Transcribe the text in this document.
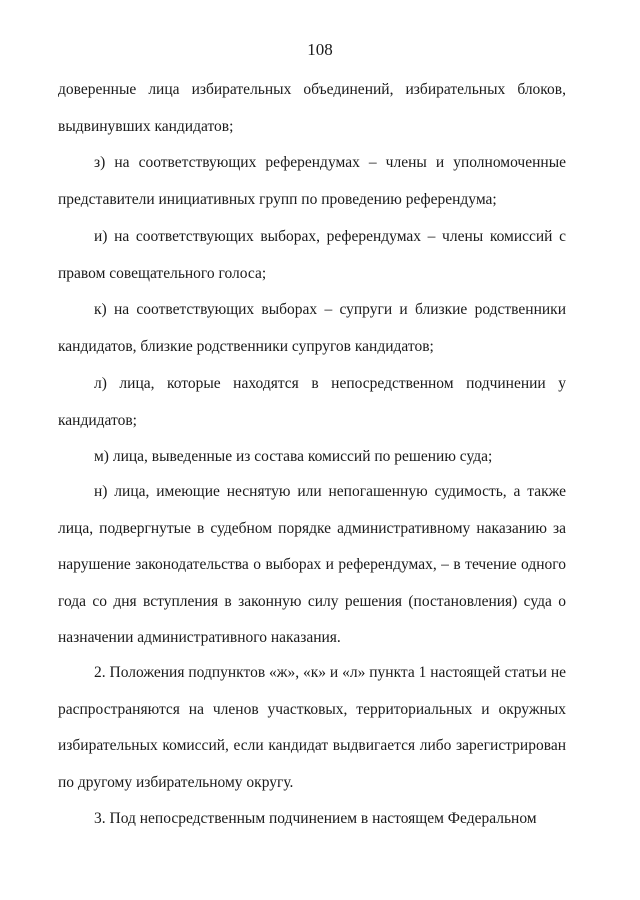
108

доверенные лица избирательных объединений, избирательных блоков, выдвинувших кандидатов;

з) на соответствующих референдумах – члены и уполномоченные представители инициативных групп по проведению референдума;

и) на соответствующих выборах, референдумах – члены комиссий с правом совещательного голоса;

к) на соответствующих выборах – супруги и близкие родственники кандидатов, близкие родственники супругов кандидатов;

л) лица, которые находятся в непосредственном подчинении у кандидатов;

м) лица, выведенные из состава комиссий по решению суда;

н) лица, имеющие неснятую или непогашенную судимость, а также лица, подвергнутые в судебном порядке административному наказанию за нарушение законодательства о выборах и референдумах, – в течение одного года со дня вступления в законную силу решения (постановления) суда о назначении административного наказания.

2. Положения подпунктов «ж», «к» и «л» пункта 1 настоящей статьи не распространяются на членов участковых, территориальных и окружных избирательных комиссий, если кандидат выдвигается либо зарегистрирован по другому избирательному округу.

3. Под непосредственным подчинением в настоящем Федеральном
